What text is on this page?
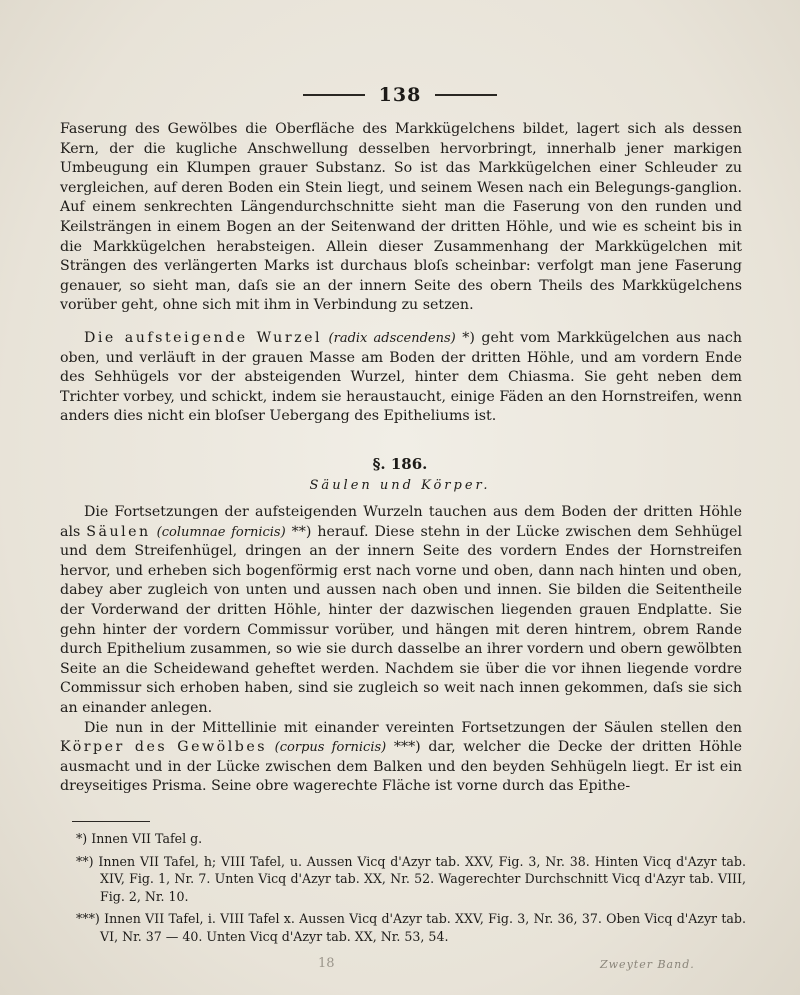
138

Faserung des Gewölbes die Oberfläche des Markkügelchens bildet, lagert sich als dessen Kern, der die kugliche Anschwellung desselben hervorbringt, innerhalb jener markigen Umbeugung ein Klumpen grauer Substanz. So ist das Markkügelchen einer Schleuder zu vergleichen, auf deren Boden ein Stein liegt, und seinem Wesen nach ein Belegungs-ganglion. Auf einem senkrechten Längendurchschnitte sieht man die Faserung von den runden und Keilsträngen in einem Bogen an der Seitenwand der dritten Höhle, und wie es scheint bis in die Markkügelchen herabsteigen. Allein dieser Zusammenhang der Markkügelchen mit Strängen des verlängerten Marks ist durchaus bloſs scheinbar: verfolgt man jene Faserung genauer, so sieht man, daſs sie an der innern Seite des obern Theils des Markkügelchens vorüber geht, ohne sich mit ihm in Verbindung zu setzen.

Die aufsteigende Wurzel (radix adscendens) *) geht vom Markkügelchen aus nach oben, und verläuft in der grauen Masse am Boden der dritten Höhle, und am vordern Ende des Sehhügels vor der absteigenden Wurzel, hinter dem Chiasma. Sie geht neben dem Trichter vorbey, und schickt, indem sie heraustaucht, einige Fäden an den Hornstreifen, wenn anders dies nicht ein bloſser Uebergang des Epitheliums ist.

§. 186.
Säulen und Körper.

Die Fortsetzungen der aufsteigenden Wurzeln tauchen aus dem Boden der dritten Höhle als Säulen (columnae fornicis) **) herauf. Diese stehn in der Lücke zwischen dem Sehhügel und dem Streifenhügel, dringen an der innern Seite des vordern Endes der Hornstreifen hervor, und erheben sich bogenförmig erst nach vorne und oben, dann nach hinten und oben, dabey aber zugleich von unten und aussen nach oben und innen. Sie bilden die Seitentheile der Vorderwand der dritten Höhle, hinter der dazwischen liegenden grauen Endplatte. Sie gehn hinter der vordern Commissur vorüber, und hängen mit deren hintrem, obrem Rande durch Epithelium zusammen, so wie sie durch dasselbe an ihrer vordern und obern gewölbten Seite an die Scheidewand geheftet werden. Nachdem sie über die vor ihnen liegende vordre Commissur sich erhoben haben, sind sie zugleich so weit nach innen gekommen, daſs sie sich an einander anlegen.

Die nun in der Mittellinie mit einander vereinten Fortsetzungen der Säulen stellen den Körper des Gewölbes (corpus fornicis) ***) dar, welcher die Decke der dritten Höhle ausmacht und in der Lücke zwischen dem Balken und den beyden Sehhügeln liegt. Er ist ein dreyseitiges Prisma. Seine obre wagerechte Fläche ist vorne durch das Epithe-

*) Innen VII Tafel g.

**) Innen VII Tafel, h; VIII Tafel, u. Aussen Vicq d'Azyr tab. XXV, Fig. 3, Nr. 38. Hinten Vicq d'Azyr tab. XIV, Fig. 1, Nr. 7. Unten Vicq d'Azyr tab. XX, Nr. 52. Wagerechter Durchschnitt Vicq d'Azyr tab. VIII, Fig. 2, Nr. 10.

***) Innen VII Tafel, i. VIII Tafel x. Aussen Vicq d'Azyr tab. XXV, Fig. 3, Nr. 36, 37. Oben Vicq d'Azyr tab. VI, Nr. 37 — 40. Unten Vicq d'Azyr tab. XX, Nr. 53, 54.

18	Zweyter Band.
